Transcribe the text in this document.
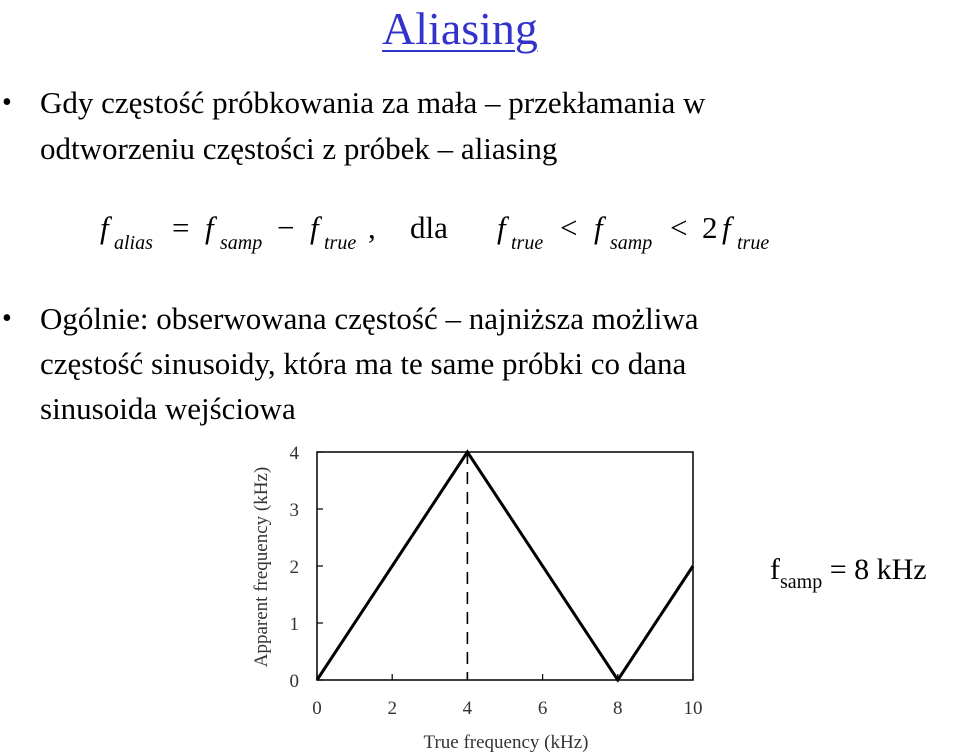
Aliasing
• Gdy częstość próbkowania za mała – przekłamania w
odtworzeniu częstości z próbek – aliasing
f alias = f samp − f true , dla f true < f samp < 2 f true
• Ogólnie: obserwowana częstość – najniższa możliwa
częstość sinusoidy, która ma te same próbki co dana
sinusoida wejściowa
Apparent frequency (kHz)
True frequency (kHz)
0	2	4	6	8	10
0
1
2
3
4
$f_{samp} = 8$ kHz
